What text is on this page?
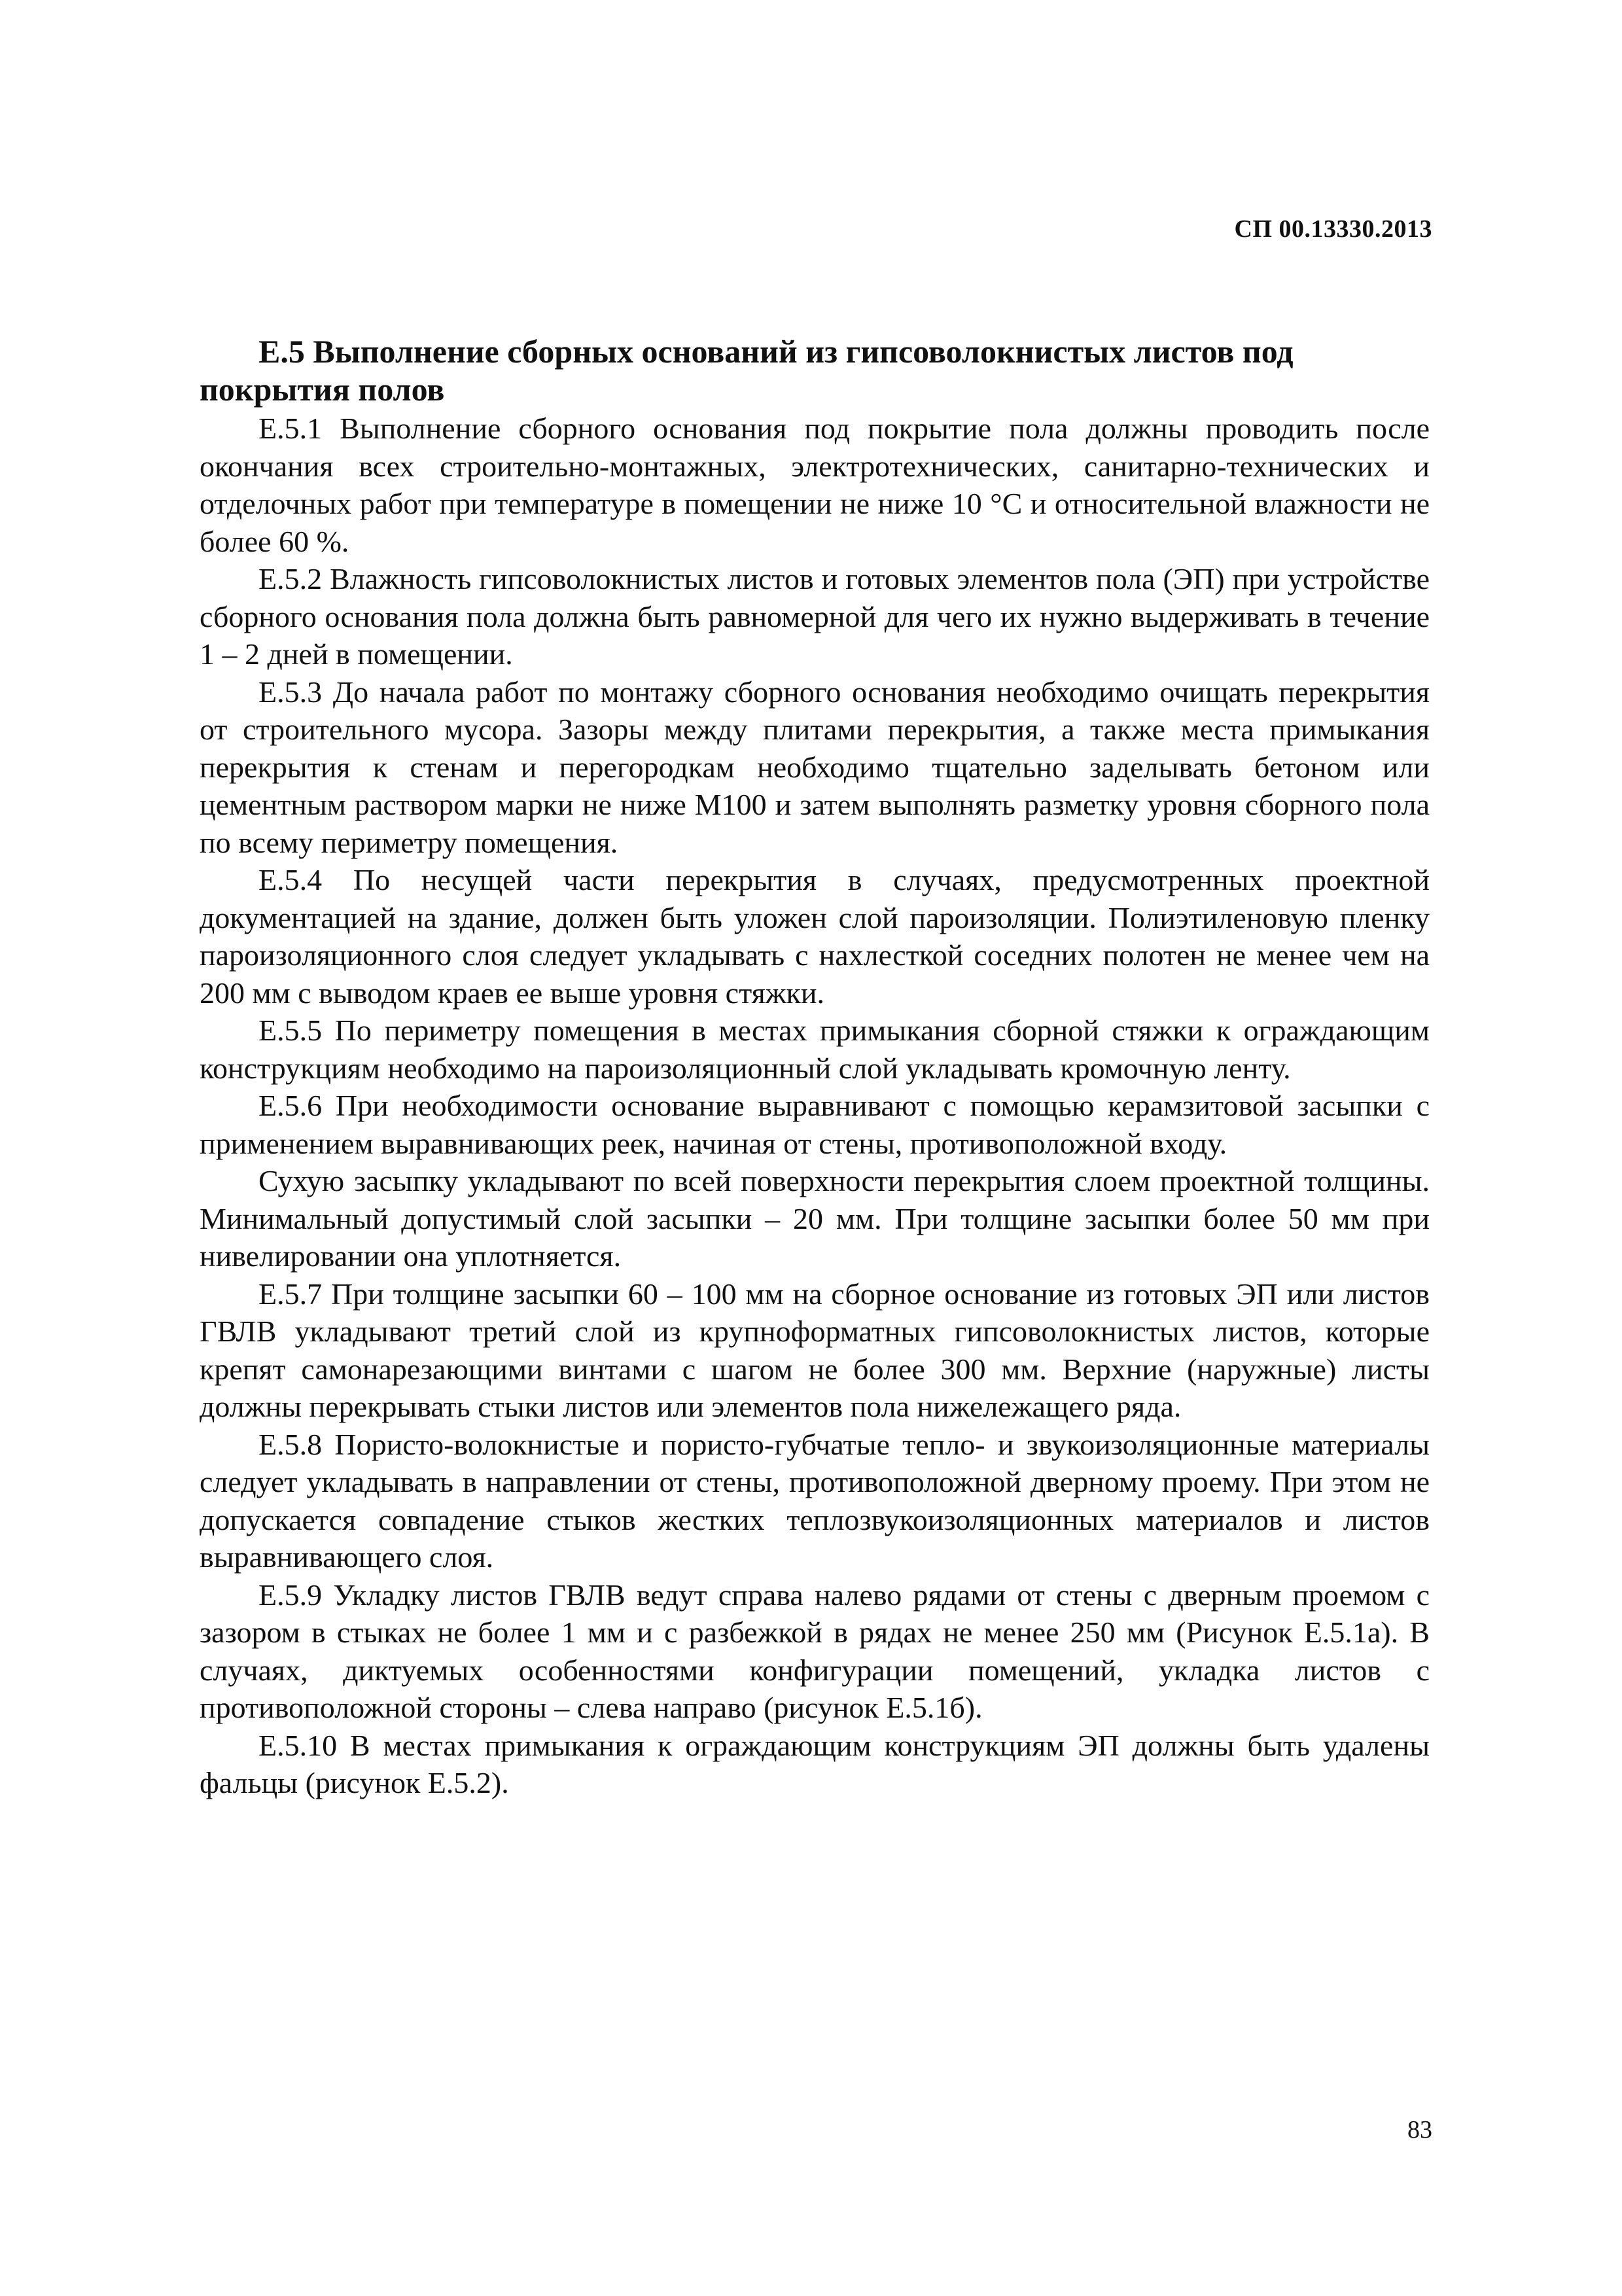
СП 00.13330.2013
Е.5 Выполнение сборных оснований из гипсоволокнистых листов под покрытия полов

Е.5.1 Выполнение сборного основания под покрытие пола должны проводить после окончания всех строительно-монтажных, электротехнических, санитарно-технических и отделочных работ при температуре в помещении не ниже 10 °С и относительной влажности не более 60 %.

Е.5.2 Влажность гипсоволокнистых листов и готовых элементов пола (ЭП) при устройстве сборного основания пола должна быть равномерной для чего их нужно выдерживать в течение 1 – 2 дней в помещении.

Е.5.3 До начала работ по монтажу сборного основания необходимо очищать перекрытия от строительного мусора. Зазоры между плитами перекрытия, а также места примыкания перекрытия к стенам и перегородкам необходимо тщательно заделывать бетоном или цементным раствором марки не ниже М100 и затем выполнять разметку уровня сборного пола по всему периметру помещения.

Е.5.4 По несущей части перекрытия в случаях, предусмотренных проектной документацией на здание, должен быть уложен слой пароизоляции. Полиэтиленовую пленку пароизоляционного слоя следует укладывать с нахлесткой соседних полотен не менее чем на 200 мм с выводом краев ее выше уровня стяжки.

Е.5.5 По периметру помещения в местах примыкания сборной стяжки к ограждающим конструкциям необходимо на пароизоляционный слой укладывать кромочную ленту.

Е.5.6 При необходимости основание выравнивают с помощью керамзитовой засыпки с применением выравнивающих реек, начиная от стены, противоположной входу.

Сухую засыпку укладывают по всей поверхности перекрытия слоем проектной толщины. Минимальный допустимый слой засыпки – 20 мм. При толщине засыпки более 50 мм при нивелировании она уплотняется.

Е.5.7 При толщине засыпки 60 – 100 мм на сборное основание из готовых ЭП или листов ГВЛВ укладывают третий слой из крупноформатных гипсоволокнистых листов, которые крепят самонарезающими винтами с шагом не более 300 мм. Верхние (наружные) листы должны перекрывать стыки листов или элементов пола нижележащего ряда.

Е.5.8 Пористо-волокнистые и пористо-губчатые тепло- и звукоизоляционные материалы следует укладывать в направлении от стены, противоположной дверному проему. При этом не допускается совпадение стыков жестких теплозвукоизоляционных материалов и листов выравнивающего слоя.

Е.5.9 Укладку листов ГВЛВ ведут справа налево рядами от стены с дверным проемом с зазором в стыках не более 1 мм и с разбежкой в рядах не менее 250 мм (Рисунок Е.5.1а). В случаях, диктуемых особенностями конфигурации помещений, укладка листов с противоположной стороны – слева направо (рисунок Е.5.1б).

Е.5.10 В местах примыкания к ограждающим конструкциям ЭП должны быть удалены фальцы (рисунок Е.5.2).

83
